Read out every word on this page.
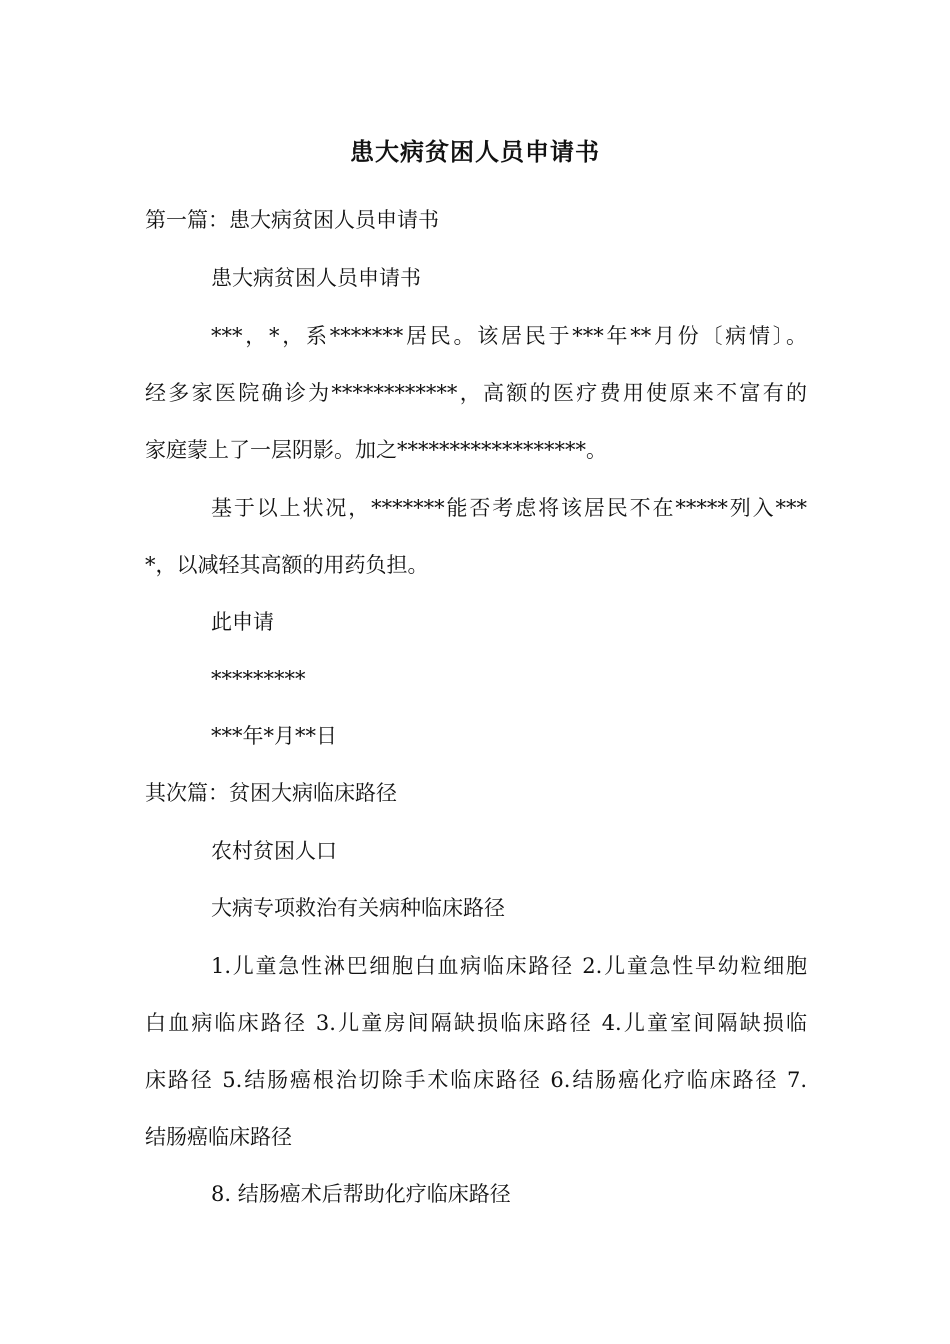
患大病贫困人员申请书
第一篇：患大病贫困人员申请书
患大病贫困人员申请书
***，*，系*******居民。该居民于***年**月份〔病情〕。
经多家医院确诊为************，高额的医疗费用使原来不富有的
家庭蒙上了一层阴影。加之******************。
基于以上状况，*******能否考虑将该居民不在*****列入***
*，以减轻其高额的用药负担。
此申请
*********
***年*月**日
其次篇：贫困大病临床路径
农村贫困人口
大病专项救治有关病种临床路径
1.儿童急性淋巴细胞白血病临床路径 2.儿童急性早幼粒细胞
白血病临床路径 3.儿童房间隔缺损临床路径 4.儿童室间隔缺损临
床路径 5.结肠癌根治切除手术临床路径 6.结肠癌化疗临床路径 7.
结肠癌临床路径
8. 结肠癌术后帮助化疗临床路径
